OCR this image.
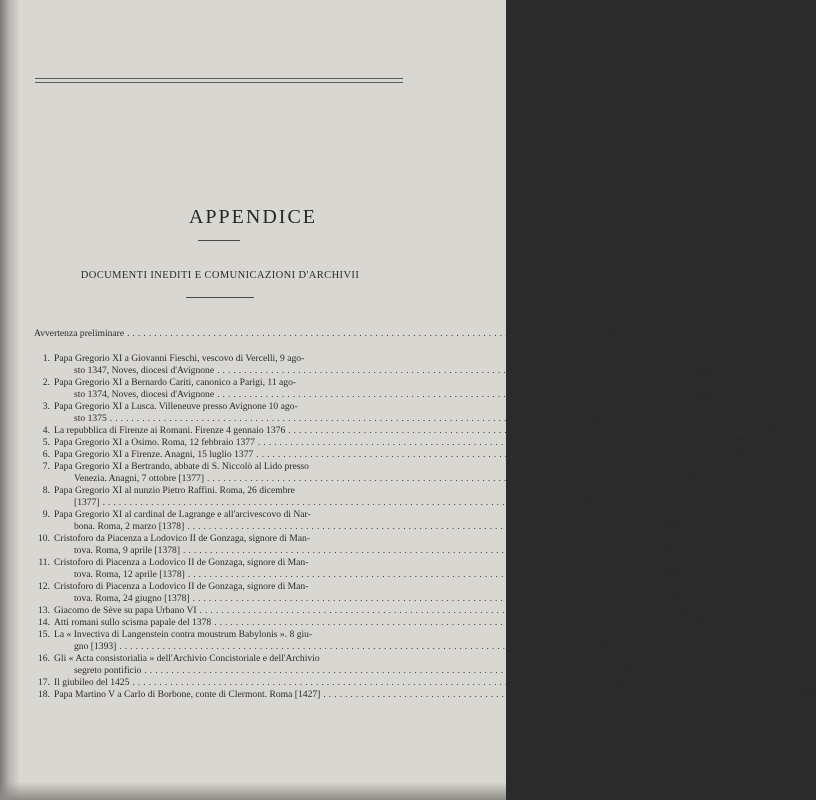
APPENDICE
DOCUMENTI INEDITI E COMUNICAZIONI D'ARCHIVII
Avvertenza preliminare ....................................................................................... 789
1. Papa Gregorio XI a Giovanni Fieschi, vescovo di Vercelli, 9 ago-
sto 1347, Noves, diocesi d'Avignone ....................................................................................... 789
2. Papa Gregorio XI a Bernardo Cariti, canonico a Parigi, 11 ago-
sto 1374, Noves, diocesi d'Avignone ....................................................................................... 790
3. Papa Gregorio XI a Lusca. Villeneuve presso Avignone 10 ago-
sto 1375 ....................................................................................... 790
4. La repubblica di Firenze ai Romani. Firenze 4 gennaio 1376 ....................................................................................... 791
5. Papa Gregorio XI a Osimo. Roma, 12 febbraio 1377 ....................................................................................... 792
6. Papa Gregorio XI a Firenze. Anagni, 15 luglio 1377 ....................................................................................... 793
7. Papa Gregorio XI a Bertrando, abbate di S. Niccolò al Lido presso
Venezia. Anagni, 7 ottobre [1377] ....................................................................................... 796
8. Papa Gregorio XI al nunzio Pietro Raffini. Roma, 26 dicembre
[1377] ....................................................................................... 797
9. Papa Gregorio XI al cardinal de Lagrange e all'arcivescovo di Nar-
bona. Roma, 2 marzo [1378] ....................................................................................... 798
10. Cristoforo da Piacenza a Lodovico II de Gonzaga, signore di Man-
tova. Roma, 9 aprile [1378] ....................................................................................... 799
11. Cristoforo di Piacenza a Lodovico II de Gonzaga, signore di Man-
tova. Roma, 12 aprile [1378] ....................................................................................... 800
12. Cristoforo di Piacenza a Lodovico II de Gonzaga, signore di Man-
tova. Roma, 24 giugno [1378] ....................................................................................... 801
13. Giacomo de Sève su papa Urbano VI ....................................................................................... 802
14. Atti romani sullo scisma papale del 1378 ....................................................................................... 803
15. La « Invectiva di Langenstein contra moustrum Babylonis ». 8 giu-
gno [1393] ....................................................................................... 807
16. Gli « Acta consistorialia » dell'Archivio Concistoriale e dell'Archivio
segreto pontificio ....................................................................................... 807
17. Il giubileo del 1425 ....................................................................................... 811
18. Papa Martino V a Carlo di Borbone, conte di Clermont. Roma [1427] ....................................................................................... 813
